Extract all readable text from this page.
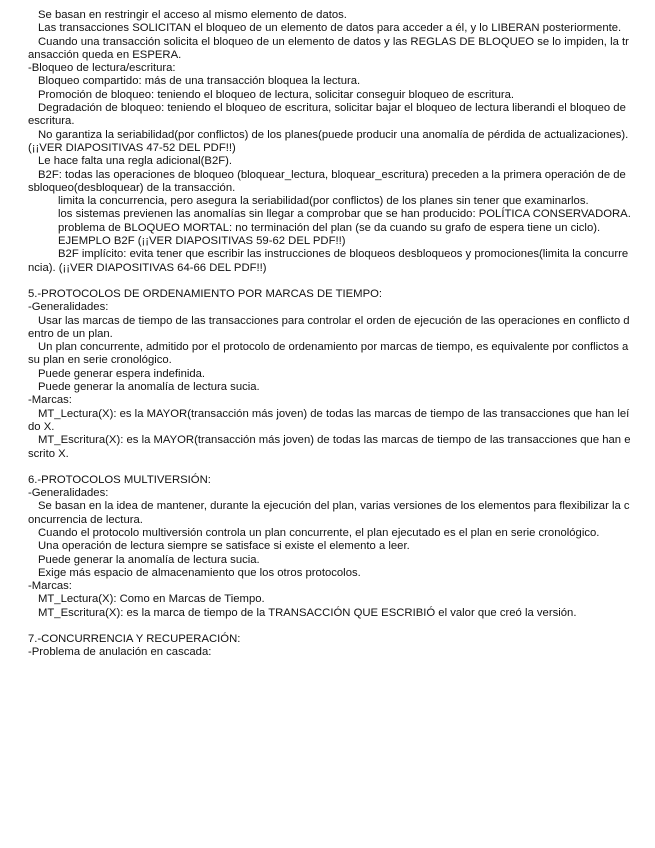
Se basan en restringir el acceso al mismo elemento de datos.

Las transacciones SOLICITAN el bloqueo de un elemento de datos para acceder a él, y lo LIBERAN posteriormente.

Cuando una transacción solicita el bloqueo de un elemento de datos y las REGLAS DE BLOQUEO se lo impiden, la transacción queda en ESPERA.

-Bloqueo de lectura/escritura:

Bloqueo compartido: más de una transacción bloquea la lectura.

Promoción de bloqueo: teniendo el bloqueo de lectura, solicitar conseguir bloqueo de escritura.

Degradación de bloqueo: teniendo el bloqueo de escritura, solicitar bajar el bloqueo de lectura liberandi el bloqueo de escritura.

No garantiza la seriabilidad(por conflictos) de los planes(puede producir una anomalía de pérdida de actualizaciones). (¡¡VER DIAPOSITIVAS 47-52 DEL PDF!!)

Le hace falta una regla adicional(B2F).

B2F: todas las operaciones de bloqueo (bloquear_lectura, bloquear_escritura) preceden a la primera operación de desbloqueo(desbloquear) de la transacción.

limita la concurrencia, pero asegura la seriabilidad(por conflictos) de los planes sin tener que examinarlos.

los sistemas previenen las anomalías sin llegar a comprobar que se han producido: POLÍTICA CONSERVADORA.

problema de BLOQUEO MORTAL: no terminación del plan (se da cuando su grafo de espera tiene un ciclo).

EJEMPLO B2F (¡¡VER DIAPOSITIVAS 59-62 DEL PDF!!)

B2F implícito: evita tener que escribir las instrucciones de bloqueos desbloqueos y promociones(limita la concurrencia). (¡¡VER DIAPOSITIVAS 64-66 DEL PDF!!)

5.-PROTOCOLOS DE ORDENAMIENTO POR MARCAS DE TIEMPO:

-Generalidades:

Usar las marcas de tiempo de las transacciones para controlar el orden de ejecución de las operaciones en conflicto dentro de un plan.

Un plan concurrente, admitido por el protocolo de ordenamiento por marcas de tiempo, es equivalente por conflictos a su plan en serie cronológico.

Puede generar espera indefinida.

Puede generar la anomalía de lectura sucia.

-Marcas:

MT_Lectura(X): es la MAYOR(transacción más joven) de todas las marcas de tiempo de las transacciones que han leído X.

MT_Escritura(X): es la MAYOR(transacción más joven) de todas las marcas de tiempo de las transacciones que han escrito X.

6.-PROTOCOLOS MULTIVERSIÓN:

-Generalidades:

Se basan en la idea de mantener, durante la ejecución del plan, varias versiones de los elementos para flexibilizar la concurrencia de lectura.

Cuando el protocolo multiversión controla un plan concurrente, el plan ejecutado es el plan en serie cronológico.

Una operación de lectura siempre se satisface si existe el elemento a leer.

Puede generar la anomalía de lectura sucia.

Exige más espacio de almacenamiento que los otros protocolos.

-Marcas:

MT_Lectura(X): Como en Marcas de Tiempo.

MT_Escritura(X): es la marca de tiempo de la TRANSACCIÓN QUE ESCRIBIÓ el valor que creó la versión.

7.-CONCURRENCIA Y RECUPERACIÓN:

-Problema de anulación en cascada:
